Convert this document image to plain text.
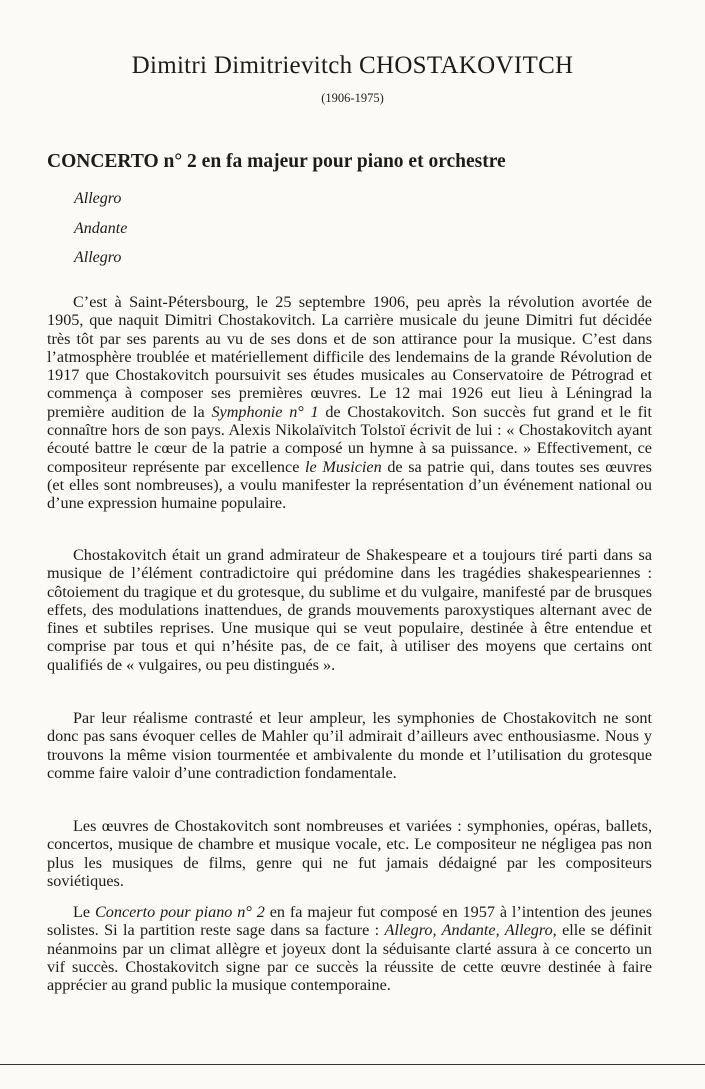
Dimitri Dimitrievitch CHOSTAKOVITCH
(1906-1975)
CONCERTO n° 2 en fa majeur pour piano et orchestre
Allegro
Andante
Allegro

C’est à Saint-Pétersbourg, le 25 septembre 1906, peu après la révolution avortée de 1905, que naquit Dimitri Chostakovitch. La carrière musicale du jeune Dimitri fut décidée très tôt par ses parents au vu de ses dons et de son attirance pour la musique. C’est dans l’atmosphère troublée et matériellement difficile des lendemains de la grande Révolution de 1917 que Chostakovitch poursuivit ses études musicales au Conservatoire de Pétrograd et commença à composer ses premières œuvres. Le 12 mai 1926 eut lieu à Léningrad la première audition de la Symphonie n° 1 de Chostakovitch. Son succès fut grand et le fit connaître hors de son pays. Alexis Nikolaïvitch Tolstoï écrivit de lui : « Chostakovitch ayant écouté battre le cœur de la patrie a composé un hymne à sa puissance. » Effectivement, ce compositeur représente par excellence le Musicien de sa patrie qui, dans toutes ses œuvres (et elles sont nombreuses), a voulu manifester la représentation d’un événement national ou d’une expression humaine populaire.

Chostakovitch était un grand admirateur de Shakespeare et a toujours tiré parti dans sa musique de l’élément contradictoire qui prédomine dans les tragédies shakespeariennes : côtoiement du tragique et du grotesque, du sublime et du vulgaire, manifesté par de brusques effets, des modulations inattendues, de grands mouvements paroxystiques alternant avec de fines et subtiles reprises. Une musique qui se veut populaire, destinée à être entendue et comprise par tous et qui n’hésite pas, de ce fait, à utiliser des moyens que certains ont qualifiés de « vulgaires, ou peu distingués ».

Par leur réalisme contrasté et leur ampleur, les symphonies de Chostakovitch ne sont donc pas sans évoquer celles de Mahler qu’il admirait d’ailleurs avec enthousiasme. Nous y trouvons la même vision tourmentée et ambivalente du monde et l’utilisation du grotesque comme faire valoir d’une contradiction fondamentale.

Les œuvres de Chostakovitch sont nombreuses et variées : symphonies, opéras, ballets, concertos, musique de chambre et musique vocale, etc. Le compositeur ne négligea pas non plus les musiques de films, genre qui ne fut jamais dédaigné par les compositeurs soviétiques.

Le Concerto pour piano n° 2 en fa majeur fut composé en 1957 à l’intention des jeunes solistes. Si la partition reste sage dans sa facture : Allegro, Andante, Allegro, elle se définit néanmoins par un climat allègre et joyeux dont la séduisante clarté assura à ce concerto un vif succès. Chostakovitch signe par ce succès la réussite de cette œuvre destinée à faire apprécier au grand public la musique contemporaine.
